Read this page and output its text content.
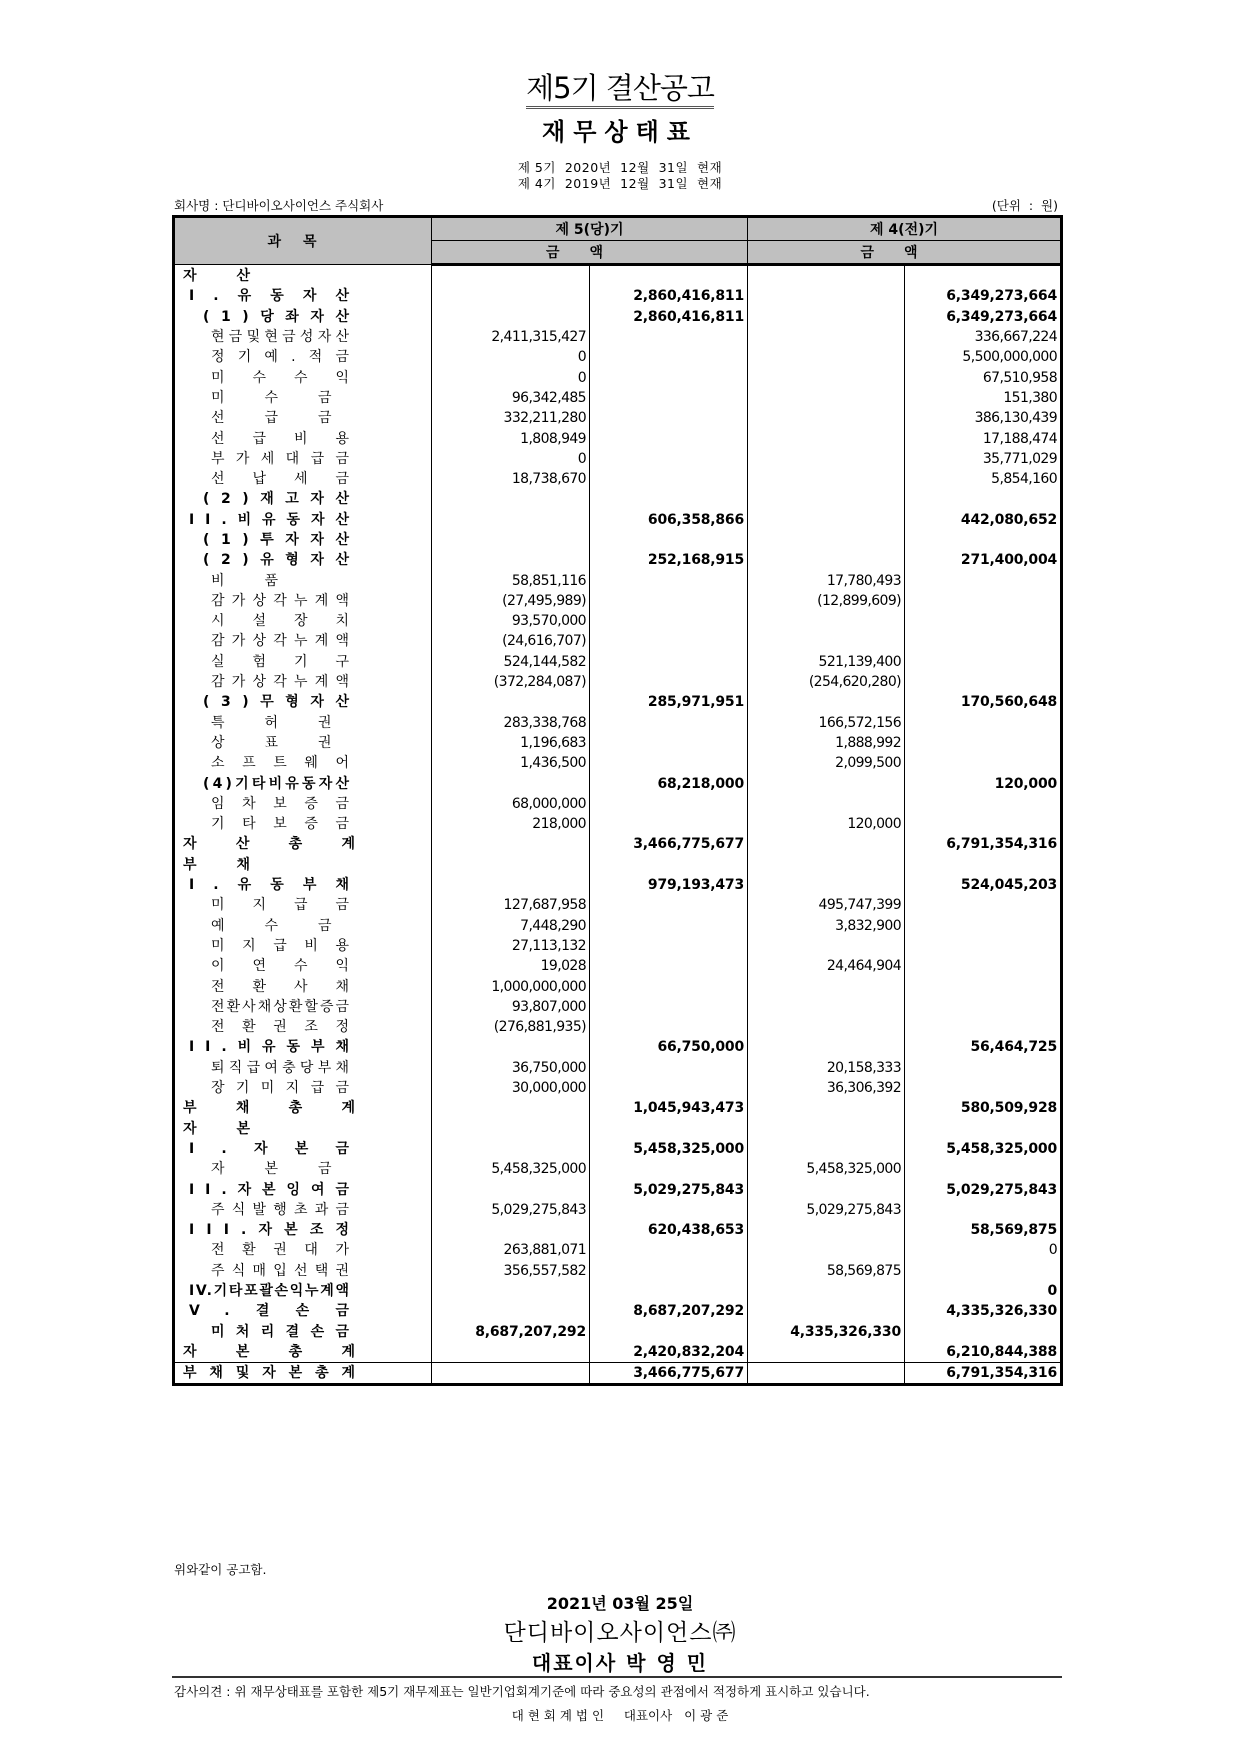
제5기 결산공고
재무상태표
제 5기  2020년  12월  31일  현재
제 4기  2019년  12월  31일  현재
회사명 : 단디바이오사이언스 주식회사	(단위  :  원)
과목	제 5(당)기		제 4(전)기	
	금액		금액	
자산				
I.유동자산		2,860,416,811		6,349,273,664
(1)당좌자산		2,860,416,811		6,349,273,664
현금및현금성자산	2,411,315,427			336,667,224
정기예.적금	0			5,500,000,000
미수수익	0			67,510,958
미수금	96,342,485			151,380
선급금	332,211,280			386,130,439
선급비용	1,808,949			17,188,474
부가세대급금	0			35,771,029
선납세금	18,738,670			5,854,160
(2)재고자산				
II.비유동자산		606,358,866		442,080,652
(1)투자자산				
(2)유형자산		252,168,915		271,400,004
비품	58,851,116		17,780,493	
감가상각누계액	(27,495,989)		(12,899,609)	
시설장치	93,570,000			
감가상각누계액	(24,616,707)			
실험기구	524,144,582		521,139,400	
감가상각누계액	(372,284,087)		(254,620,280)	
(3)무형자산		285,971,951		170,560,648
특허권	283,338,768		166,572,156	
상표권	1,196,683		1,888,992	
소프트웨어	1,436,500		2,099,500	
(4)기타비유동자산		68,218,000		120,000
임차보증금	68,000,000			
기타보증금	218,000		120,000	
자산총계		3,466,775,677		6,791,354,316
부채				
I.유동부채		979,193,473		524,045,203
미지급금	127,687,958		495,747,399	
예수금	7,448,290		3,832,900	
미지급비용	27,113,132			
이연수익	19,028		24,464,904	
전환사채	1,000,000,000			
전환사채상환할증금	93,807,000			
전환권조정	(276,881,935)			
II.비유동부채		66,750,000		56,464,725
퇴직급여충당부채	36,750,000		20,158,333	
장기미지급금	30,000,000		36,306,392	
부채총계		1,045,943,473		580,509,928
자본				
I.자본금		5,458,325,000		5,458,325,000
자본금	5,458,325,000		5,458,325,000	
II.자본잉여금		5,029,275,843		5,029,275,843
주식발행초과금	5,029,275,843		5,029,275,843	
III.자본조정		620,438,653		58,569,875
전환권대가	263,881,071			0
주식매입선택권	356,557,582		58,569,875	
IV.기타포괄손익누계액				0
V.결손금		8,687,207,292		4,335,326,330
미처리결손금	8,687,207,292		4,335,326,330	
자본총계		2,420,832,204		6,210,844,388
부채및자본총계		3,466,775,677		6,791,354,316
위와같이 공고함.
2021년 03월 25일
단디바이오사이언스㈜
대표이사 박 영 민
감사의견 : 위 재무상태표를 포함한 제5기 재무제표는 일반기업회계기준에 따라 중요성의 관점에서 적정하게 표시하고 있습니다.
대 현 회 계 법 인     대표이사   이 광 준
